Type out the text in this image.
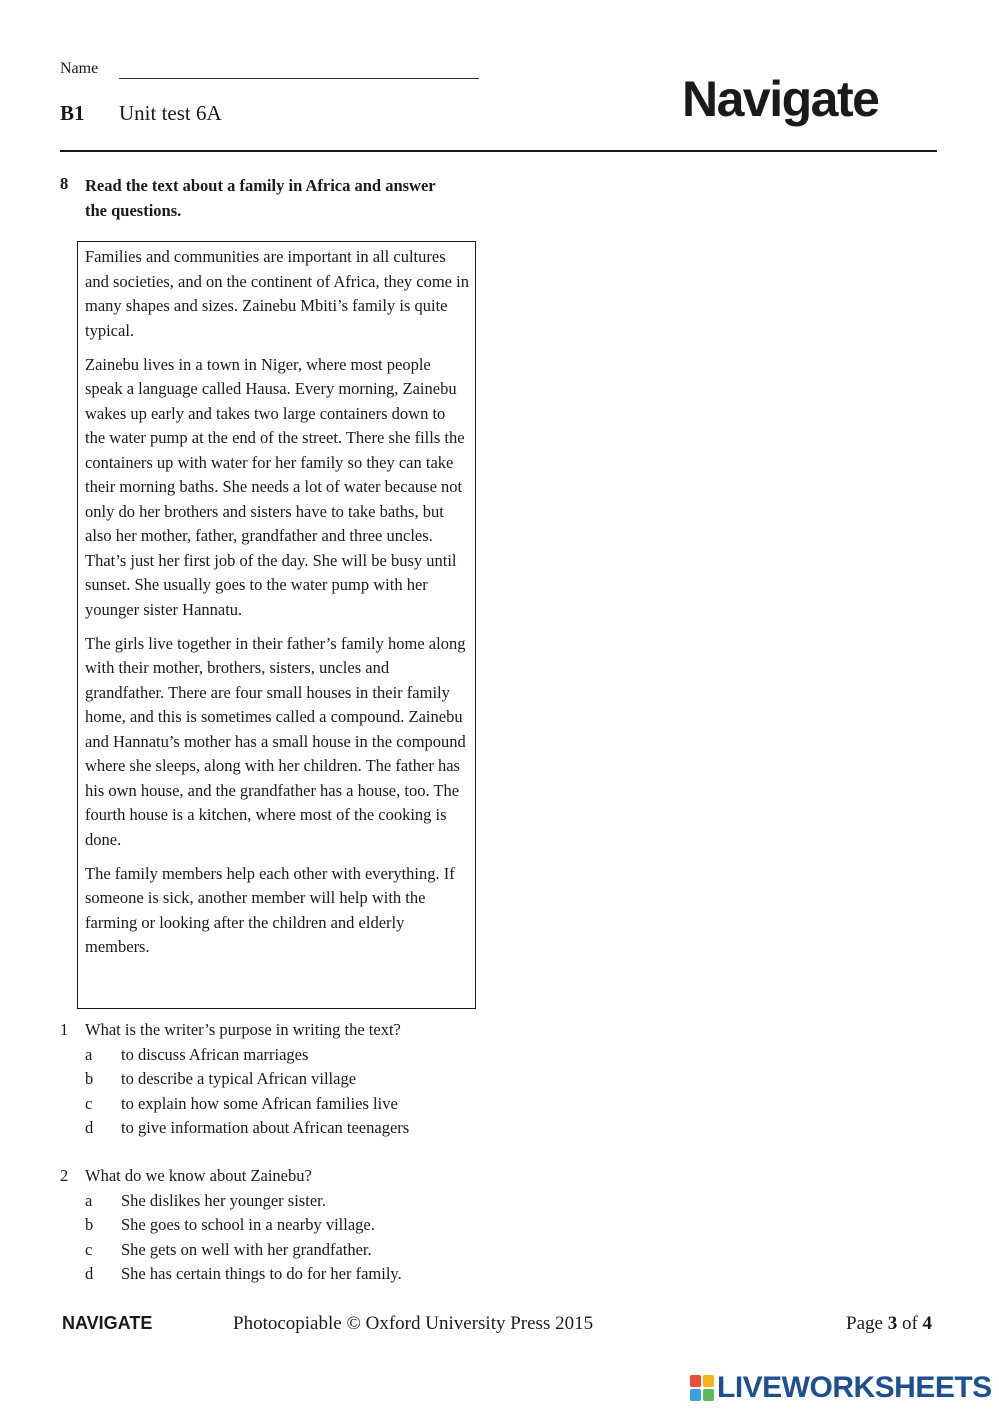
Name
B1 Unit test 6A	Navigate
8 Read the text about a family in Africa and answer the questions.

Families and communities are important in all cultures and societies, and on the continent of Africa, they come in many shapes and sizes. Zainebu Mbiti’s family is quite typical.

Zainebu lives in a town in Niger, where most people speak a language called Hausa. Every morning, Zainebu wakes up early and takes two large containers down to the water pump at the end of the street. There she fills the containers up with water for her family so they can take their morning baths. She needs a lot of water because not only do her brothers and sisters have to take baths, but also her mother, father, grandfather and three uncles. That’s just her first job of the day. She will be busy until sunset. She usually goes to the water pump with her younger sister Hannatu.

The girls live together in their father’s family home along with their mother, brothers, sisters, uncles and grandfather. There are four small houses in their family home, and this is sometimes called a compound. Zainebu and Hannatu’s mother has a small house in the compound where she sleeps, along with her children. The father has his own house, and the grandfather has a house, too. The fourth house is a kitchen, where most of the cooking is done.

The family members help each other with everything. If someone is sick, another member will help with the farming or looking after the children and elderly members.

1	What is the writer’s purpose in writing the text?
a	to discuss African marriages
b	to describe a typical African village
c	to explain how some African families live
d	to give information about African teenagers
2	What do we know about Zainebu?
a	She dislikes her younger sister.
b	She goes to school in a nearby village.
c	She gets on well with her grandfather.
d	She has certain things to do for her family.
NAVIGATE	Photocopiable © Oxford University Press 2015	Page 3 of 4
LIVEWORKSHEETS
